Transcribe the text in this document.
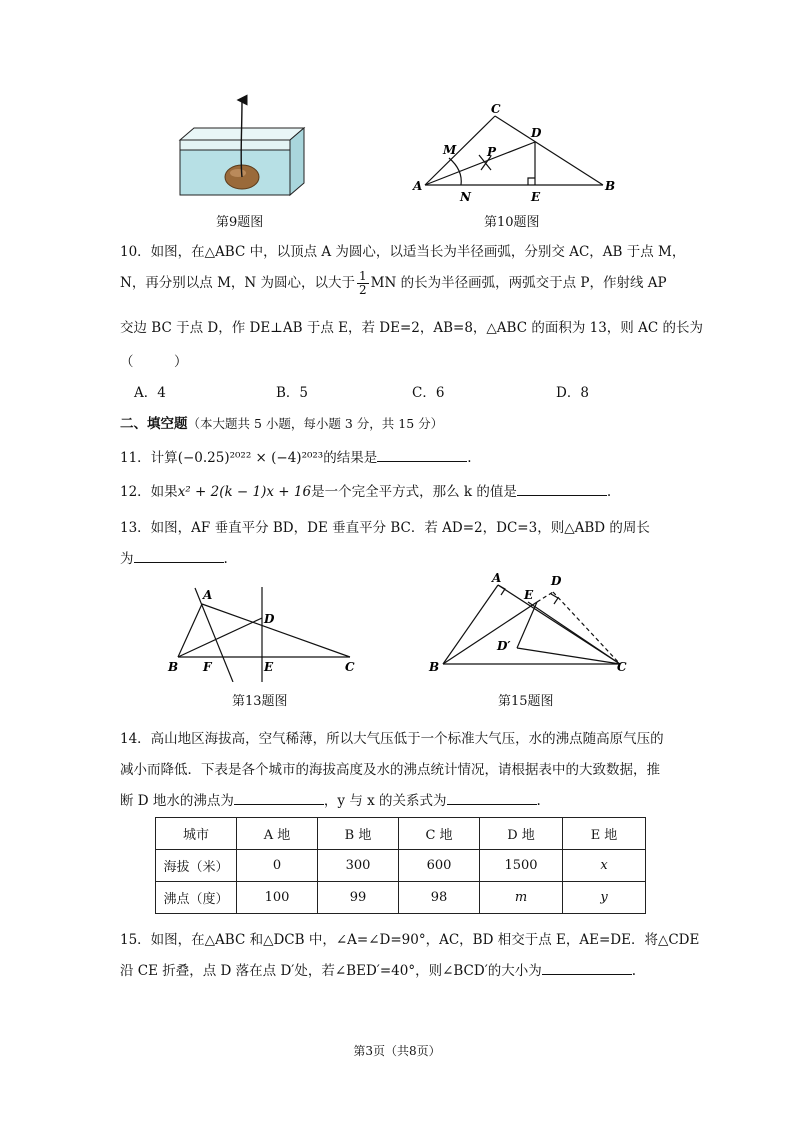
第9题图
C
D
M	P
A
N	E
B
第10题图
10．如图，在△ABC 中，以顶点 A 为圆心，以适当长为半径画弧，分别交 AC，AB 于点 M，
N，再分别以点 M，N 为圆心，以大于 $\frac{1}{2}$ MN 的长为半径画弧，两弧交于点 P，作射线 AP
交边 BC 于点 D，作 DE⊥AB 于点 E，若 DE=2，AB=8，△ABC 的面积为 13，则 AC 的长为
（　　　）
A．4	B．5	C．6	D．8
二、填空题（本大题共 5 小题，每小题 3 分，共 15 分）
11．计算(−0.25)²⁰²² × (−4)²⁰²³的结果是	.
12．如果x² + 2(k − 1)x + 16是一个完全平方式，那么 k 的值是	.
13．如图，AF 垂直平分 BD，DE 垂直平分 BC．若 AD=2，DC=3，则△ABD 的周长
为	.
A
D
B F	E	C
第13题图
A	D
E
D′
B	C
第15题图
14．高山地区海拔高，空气稀薄，所以大气压低于一个标准大气压，水的沸点随高原气压的
减小而降低．下表是各个城市的海拔高度及水的沸点统计情况，请根据表中的大致数据，推
断 D 地水的沸点为	，y 与 x 的关系式为	.
城市	A 地	B 地	C 地	D 地	E 地
海拔（米）	0	300	600	1500	x
沸点（度）	100	99	98	m	y
15．如图，在△ABC 和△DCB 中，∠A=∠D=90°，AC，BD 相交于点 E，AE=DE．将△CDE
沿 CE 折叠，点 D 落在点 D′处，若∠BED′=40°，则∠BCD′的大小为	.
第3页（共8页）
